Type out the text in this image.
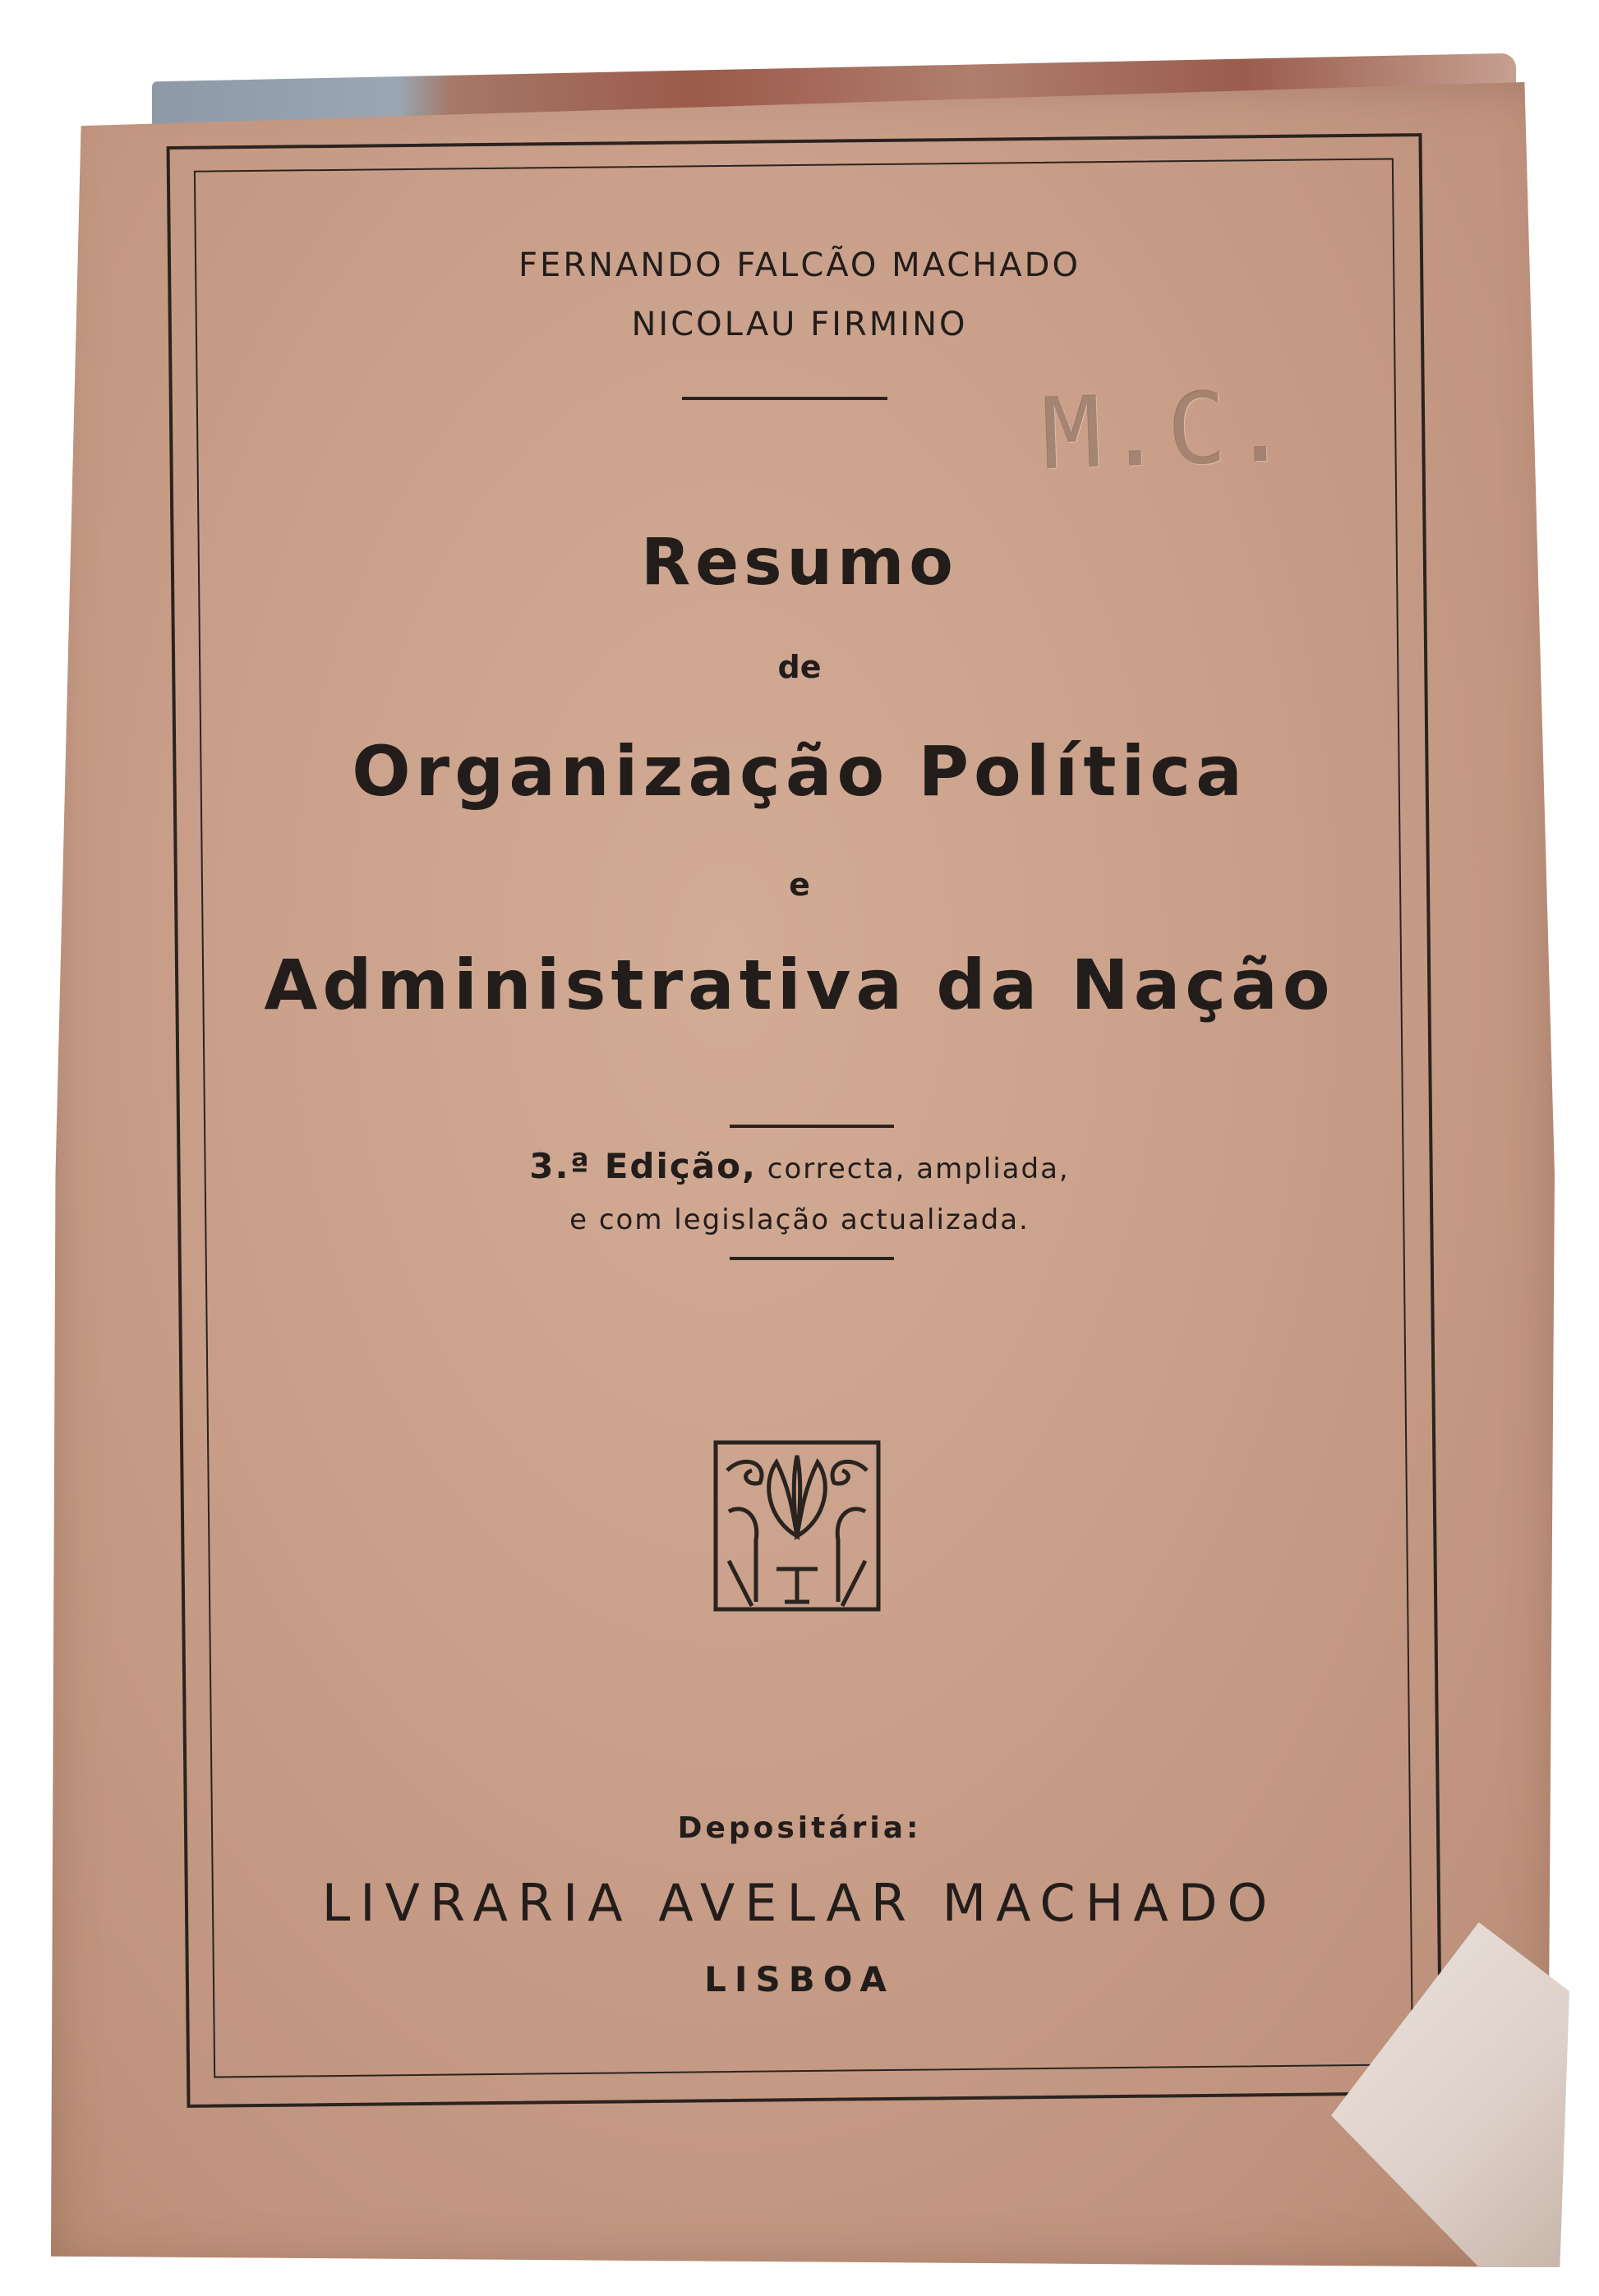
FERNANDO FALCÃO MACHADO
NICOLAU FIRMINO
M.C.
Resumo
de
Organização Política
e
Administrativa da Nação
3.ª Edição, correcta, ampliada,
e com legislação actualizada.
Depositária:
LIVRARIA AVELAR MACHADO
LISBOA
